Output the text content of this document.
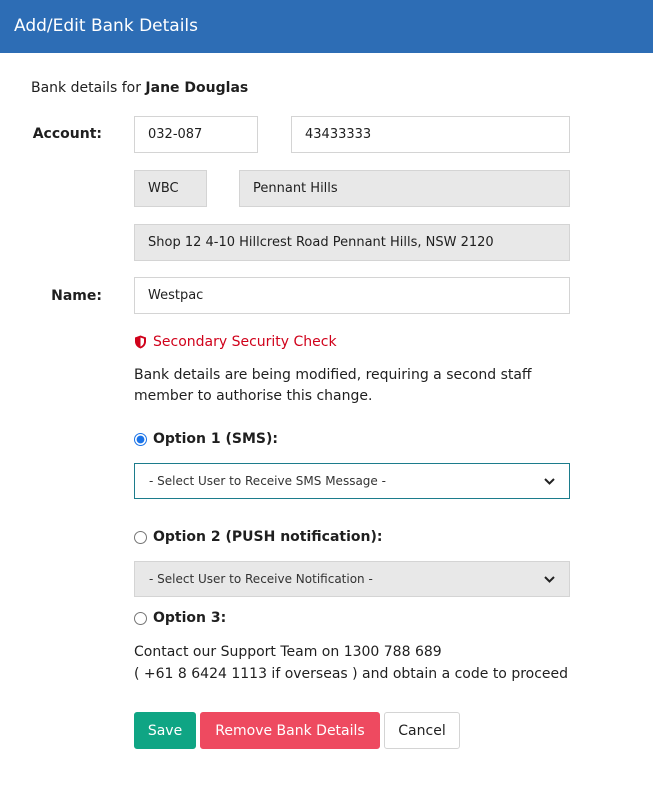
Add/Edit Bank Details
Bank details for Jane Douglas
Account:
032-087
43433333
WBC	Pennant Hills
Shop 12 4-10 Hillcrest Road Pennant Hills, NSW 2120
Name:
Westpac
Secondary Security Check
Bank details are being modified, requiring a second staff member to authorise this change.
Option 1 (SMS):
- Select User to Receive SMS Message -
Option 2 (PUSH notification):
- Select User to Receive Notification -
Option 3:
Contact our Support Team on 1300 788 689
( +61 8 6424 1113 if overseas ) and obtain a code to proceed
Save	Remove Bank Details	Cancel
